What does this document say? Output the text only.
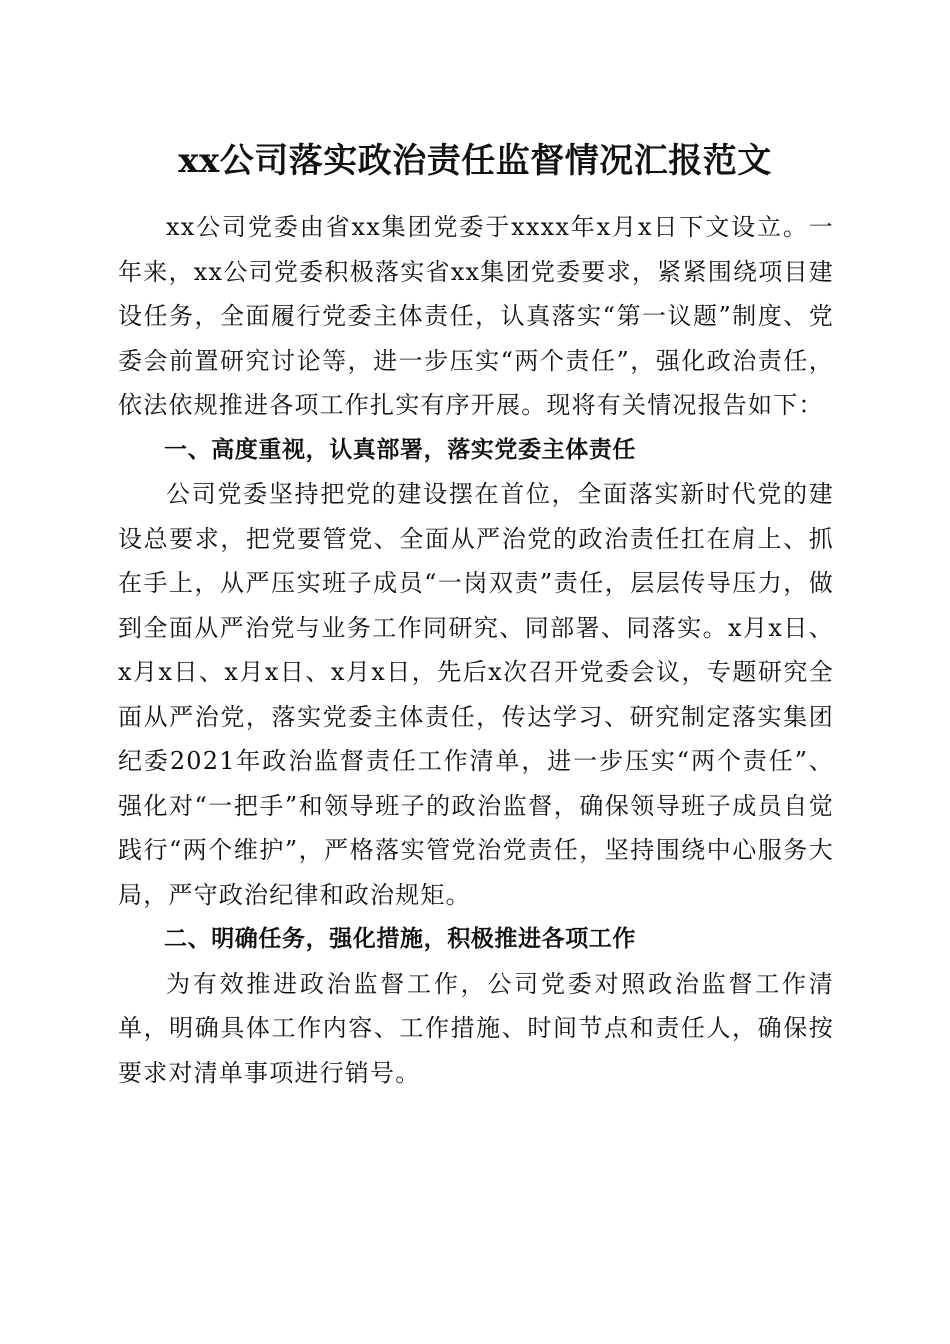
xx公司落实政治责任监督情况汇报范文

xx公司党委由省xx集团党委于xxxx年x月x日下文设立。一年来，xx公司党委积极落实省xx集团党委要求，紧紧围绕项目建设任务，全面履行党委主体责任，认真落实“第一议题”制度、党委会前置研究讨论等，进一步压实“两个责任”，强化政治责任，依法依规推进各项工作扎实有序开展。现将有关情况报告如下：

一、高度重视，认真部署，落实党委主体责任

公司党委坚持把党的建设摆在首位，全面落实新时代党的建设总要求，把党要管党、全面从严治党的政治责任扛在肩上、抓在手上，从严压实班子成员“一岗双责”责任，层层传导压力，做到全面从严治党与业务工作同研究、同部署、同落实。x月x日、x月x日、x月x日、x月x日，先后x次召开党委会议，专题研究全面从严治党，落实党委主体责任，传达学习、研究制定落实集团纪委2021年政治监督责任工作清单，进一步压实“两个责任”、强化对“一把手”和领导班子的政治监督，确保领导班子成员自觉践行“两个维护”，严格落实管党治党责任，坚持围绕中心服务大局，严守政治纪律和政治规矩。

二、明确任务，强化措施，积极推进各项工作

为有效推进政治监督工作，公司党委对照政治监督工作清单，明确具体工作内容、工作措施、时间节点和责任人，确保按要求对清单事项进行销号。
